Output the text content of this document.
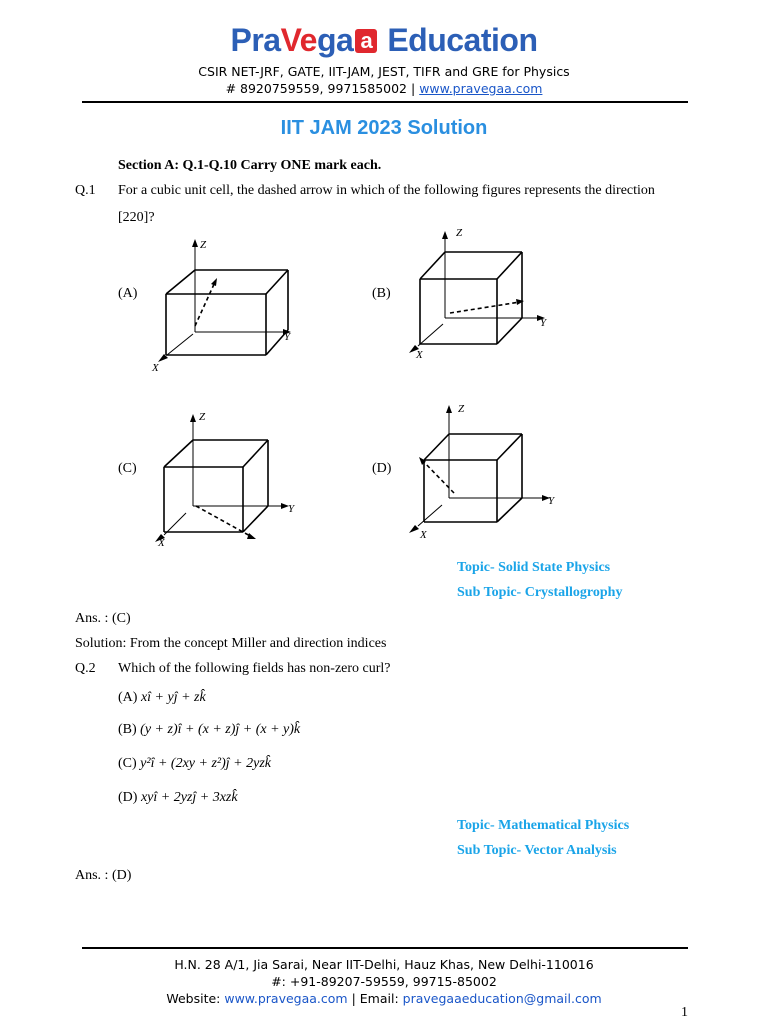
PraVega a Education
CSIR NET-JRF, GATE, IIT-JAM, JEST, TIFR and GRE for Physics
# 8920759559, 9971585002 | www.pravegaa.com
IIT JAM 2023 Solution
Section A: Q.1-Q.10 Carry ONE mark each.
Q.1 For a cubic unit cell, the dashed arrow in which of the following figures represents the direction
[220]?
(A)	(B)
(C)	(D)
Z
Y
X
Z
Y
X
Z
Y
X
Z
Y
X
Topic- Solid State Physics
Sub Topic- Crystallogrophy
Ans. : (C)
Solution: From the concept Miller and direction indices
Q.2 Which of the following fields has non-zero curl?
(A) xî + yĵ + zk̂
(B) (y + z)î + (x + z)ĵ + (x + y)k̂
(C) y²î + (2xy + z²)ĵ + 2yzk̂
(D) xyî + 2yzĵ + 3xzk̂
Topic- Mathematical Physics
Sub Topic- Vector Analysis
Ans. : (D)
H.N. 28 A/1, Jia Sarai, Near IIT-Delhi, Hauz Khas, New Delhi-110016
#: +91-89207-59559, 99715-85002
Website: www.pravegaa.com | Email: pravegaaeducation@gmail.com
1
